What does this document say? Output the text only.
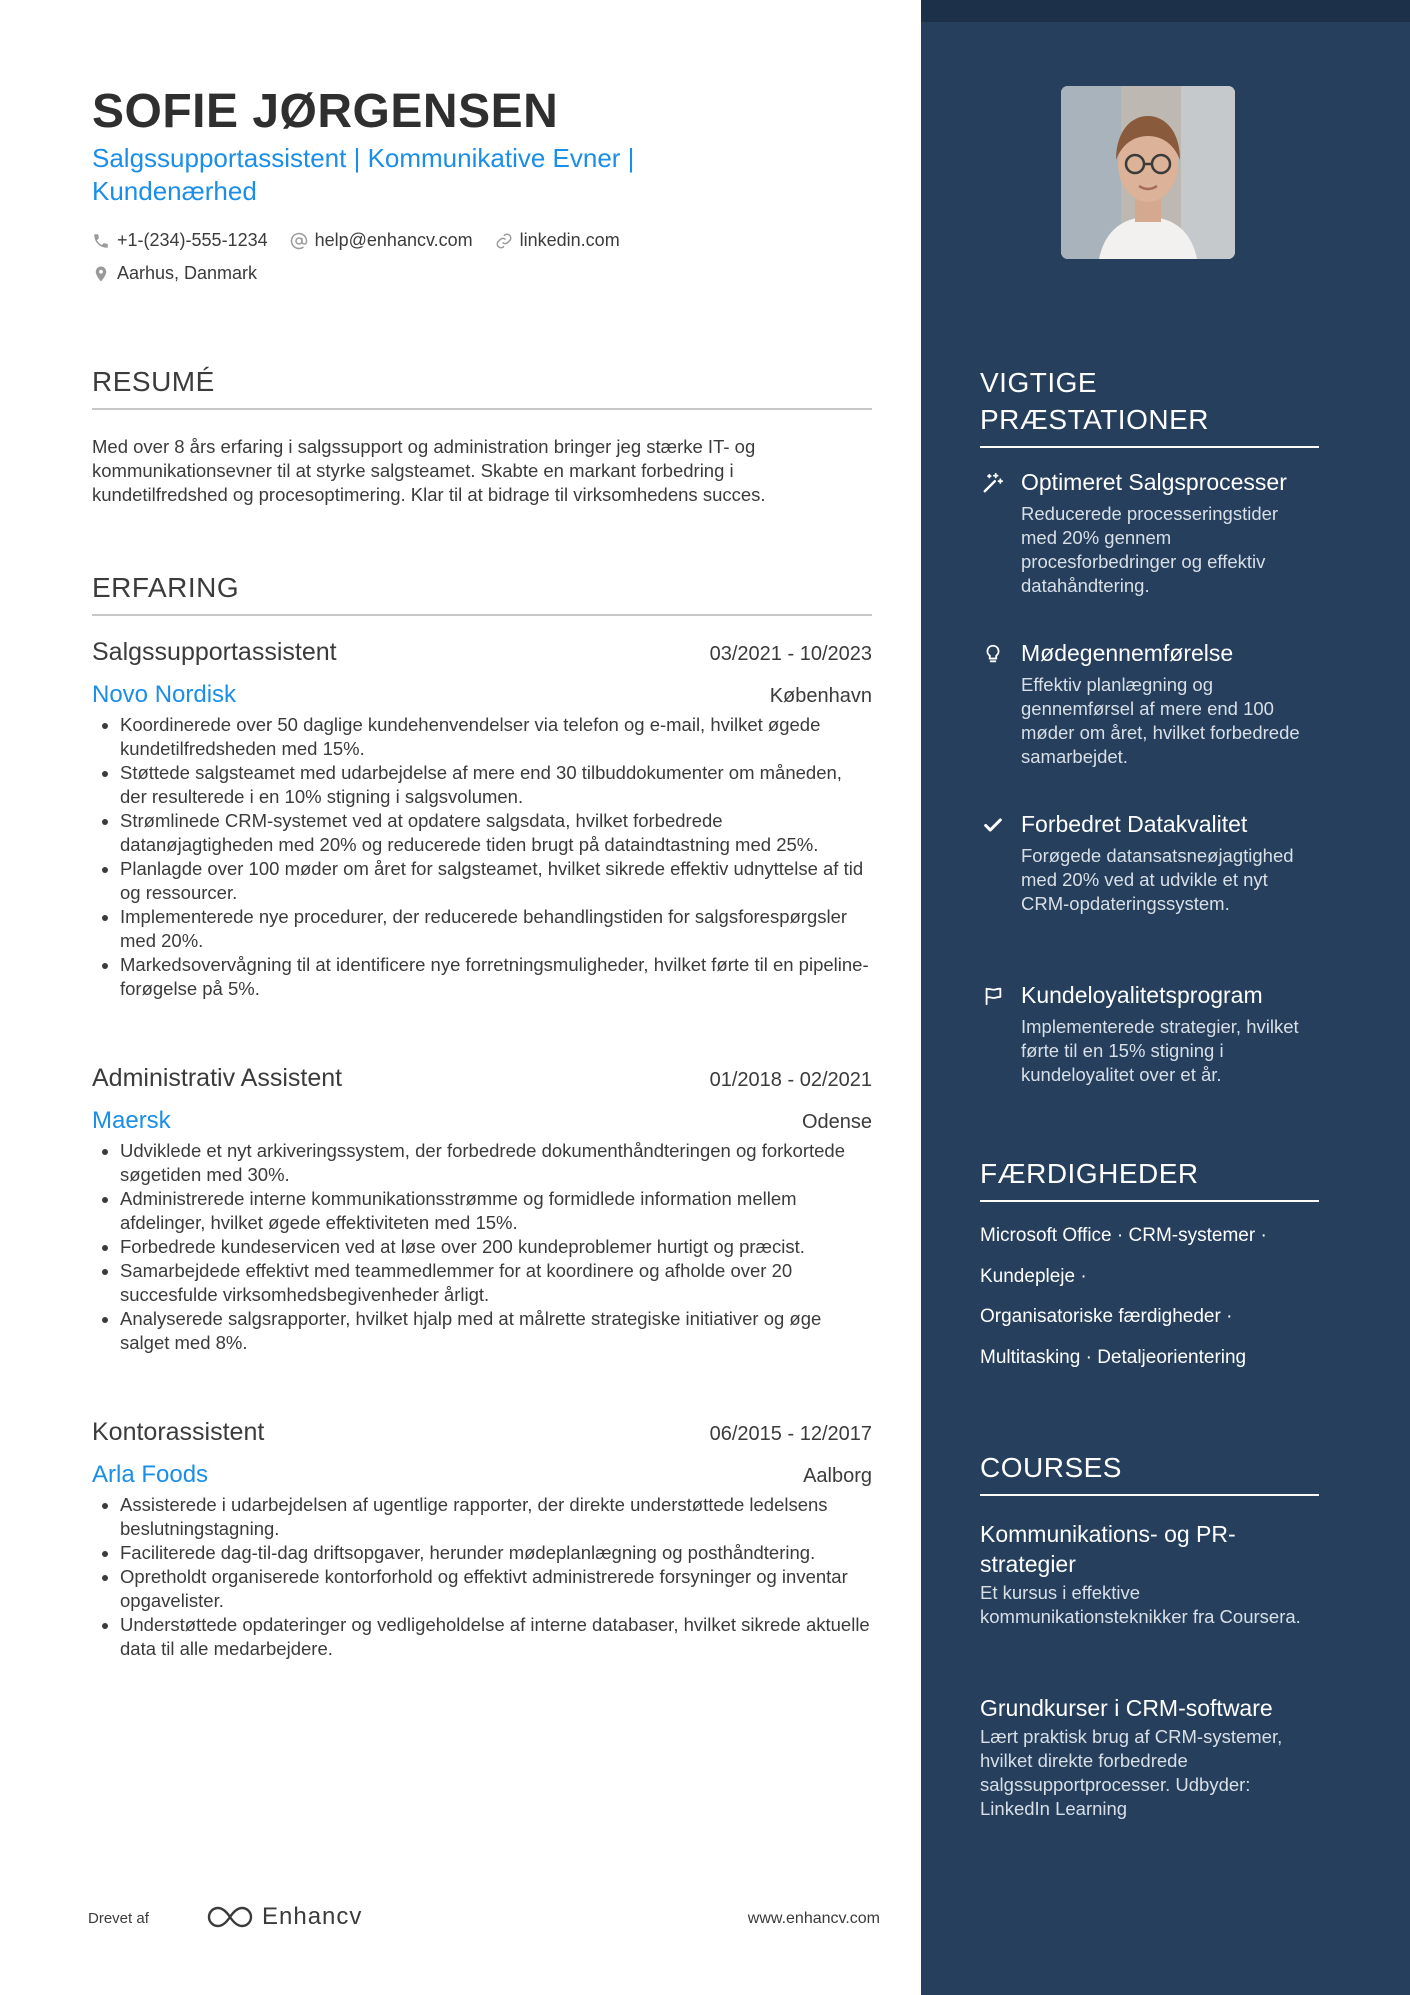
SOFIE JØRGENSEN
Salgssupportassistent | Kommunikative Evner | Kundenærhed
+1-(234)-555-1234	help@enhancv.com	linkedin.com
Aarhus, Danmark
RESUMÉ
Med over 8 års erfaring i salgssupport og administration bringer jeg stærke IT- og kommunikationsevner til at styrke salgsteamet. Skabte en markant forbedring i kundetilfredshed og procesoptimering. Klar til at bidrage til virksomhedens succes.
ERFARING
Salgssupportassistent	03/2021 - 10/2023
Novo Nordisk	København
• Koordinerede over 50 daglige kundehenvendelser via telefon og e-mail, hvilket øgede kundetilfredsheden med 15%.
• Støttede salgsteamet med udarbejdelse af mere end 30 tilbuddokumenter om måneden, der resulterede i en 10% stigning i salgsvolumen.
• Strømlinede CRM-systemet ved at opdatere salgsdata, hvilket forbedrede datanøjagtigheden med 20% og reducerede tiden brugt på dataindtastning med 25%.
• Planlagde over 100 møder om året for salgsteamet, hvilket sikrede effektiv udnyttelse af tid og ressourcer.
• Implementerede nye procedurer, der reducerede behandlingstiden for salgsforespørgsler med 20%.
• Markedsovervågning til at identificere nye forretningsmuligheder, hvilket førte til en pipeline-forøgelse på 5%.
Administrativ Assistent	01/2018 - 02/2021
Maersk	Odense
• Udviklede et nyt arkiveringssystem, der forbedrede dokumenthåndteringen og forkortede søgetiden med 30%.
• Administrerede interne kommunikationsstrømme og formidlede information mellem afdelinger, hvilket øgede effektiviteten med 15%.
• Forbedrede kundeservicen ved at løse over 200 kundeproblemer hurtigt og præcist.
• Samarbejdede effektivt med teammedlemmer for at koordinere og afholde over 20 succesfulde virksomhedsbegivenheder årligt.
• Analyserede salgsrapporter, hvilket hjalp med at målrette strategiske initiativer og øge salget med 8%.
Kontorassistent	06/2015 - 12/2017
Arla Foods	Aalborg
• Assisterede i udarbejdelsen af ugentlige rapporter, der direkte understøttede ledelsens beslutningstagning.
• Faciliterede dag-til-dag driftsopgaver, herunder mødeplanlægning og posthåndtering.
• Opretholdt organiserede kontorforhold og effektivt administrerede forsyninger og inventar opgavelister.
• Understøttede opdateringer og vedligeholdelse af interne databaser, hvilket sikrede aktuelle data til alle medarbejdere.
Drevet af	Enhancv	www.enhancv.com
VIGTIGE PRÆSTATIONER
Optimeret Salgsprocesser
Reducerede processeringstider med 20% gennem procesforbedringer og effektiv datahåndtering.
Mødegennemførelse
Effektiv planlægning og gennemførsel af mere end 100 møder om året, hvilket forbedrede samarbejdet.
Forbedret Datakvalitet
Forøgede datansatsneøjagtighed med 20% ved at udvikle et nyt CRM-opdateringssystem.
Kundeloyalitetsprogram
Implementerede strategier, hvilket førte til en 15% stigning i kundeloyalitet over et år.
FÆRDIGHEDER
Microsoft Office · CRM-systemer ·
Kundepleje ·
Organisatoriske færdigheder ·
Multitasking · Detaljeorientering
COURSES
Kommunikations- og PR-strategier
Et kursus i effektive kommunikationsteknikker fra Coursera.
Grundkurser i CRM-software
Lært praktisk brug af CRM-systemer, hvilket direkte forbedrede salgssupportprocesser. Udbyder: LinkedIn Learning
